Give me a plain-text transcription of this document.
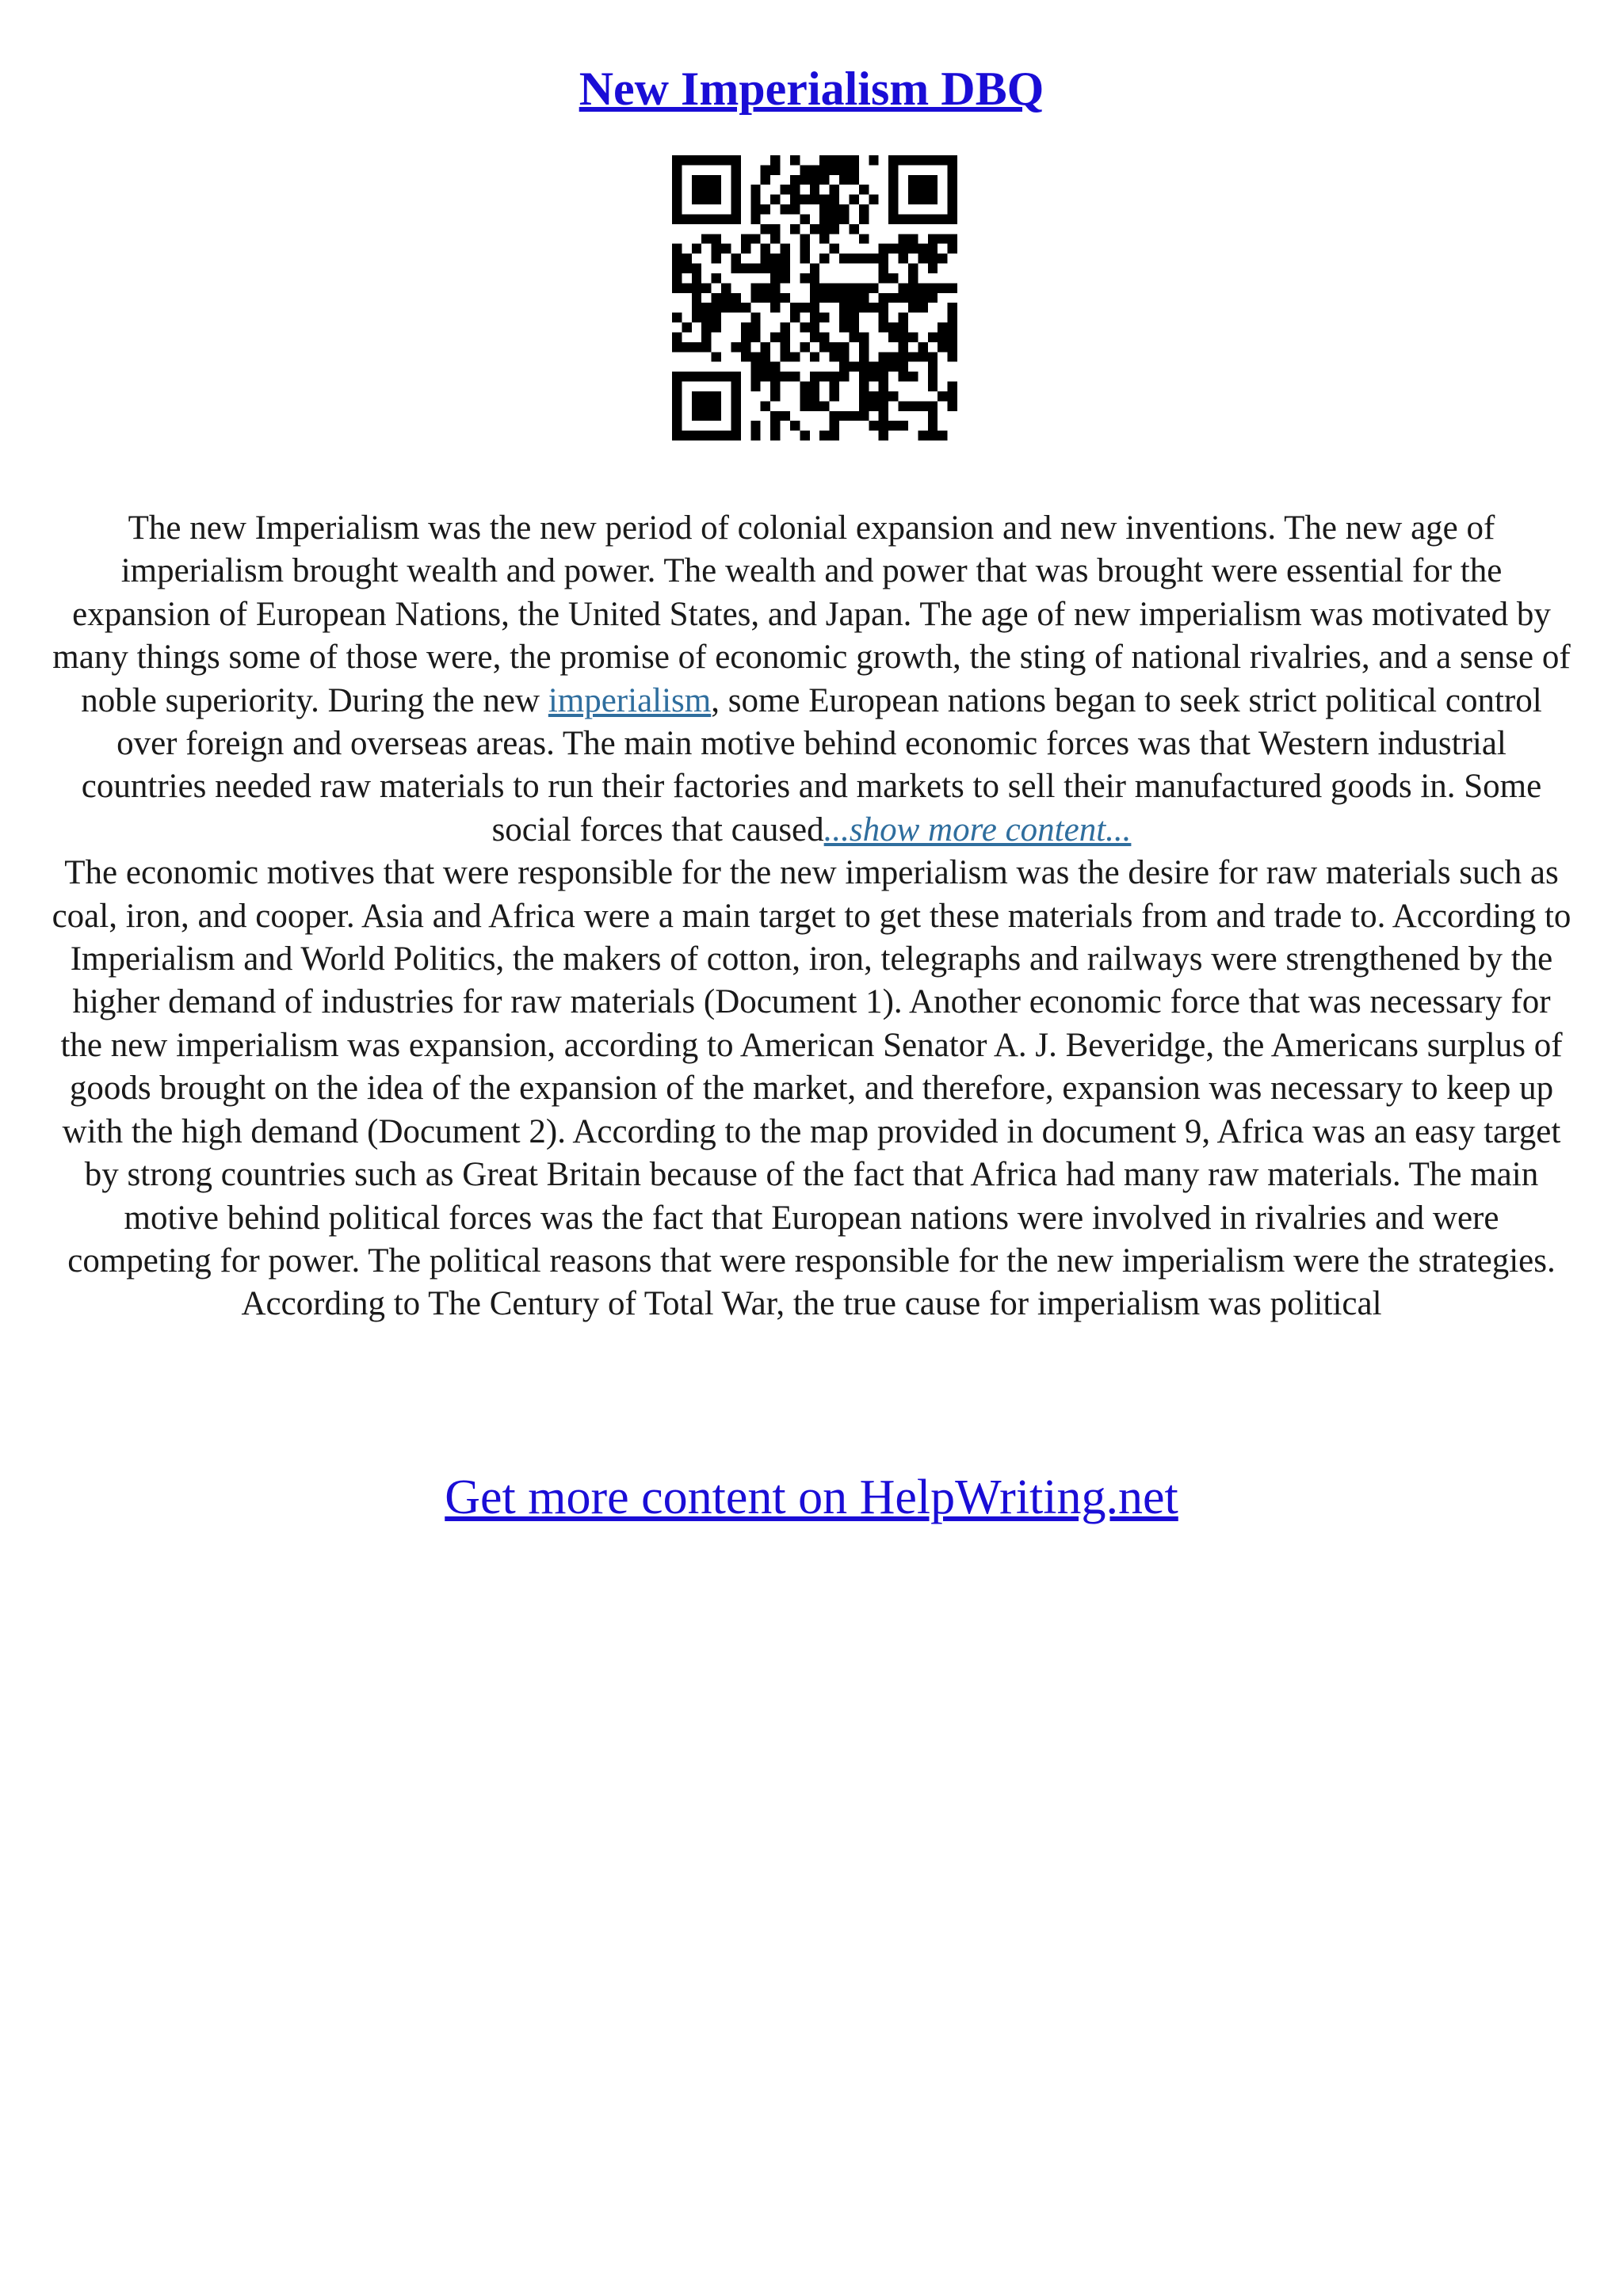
New Imperialism DBQ

The new Imperialism was the new period of colonial expansion and new inventions. The new age of imperialism brought wealth and power. The wealth and power that was brought were essential for the expansion of European Nations, the United States, and Japan. The age of new imperialism was motivated by many things some of those were, the promise of economic growth, the sting of national rivalries, and a sense of noble superiority. During the new imperialism, some European nations began to seek strict political control over foreign and overseas areas. The main motive behind economic forces was that Western industrial countries needed raw materials to run their factories and markets to sell their manufactured goods in. Some social forces that caused...show more content...
The economic motives that were responsible for the new imperialism was the desire for raw materials such as coal, iron, and cooper. Asia and Africa were a main target to get these materials from and trade to. According to Imperialism and World Politics, the makers of cotton, iron, telegraphs and railways were strengthened by the higher demand of industries for raw materials (Document 1). Another economic force that was necessary for the new imperialism was expansion, according to American Senator A. J. Beveridge, the Americans surplus of goods brought on the idea of the expansion of the market, and therefore, expansion was necessary to keep up with the high demand (Document 2). According to the map provided in document 9, Africa was an easy target by strong countries such as Great Britain because of the fact that Africa had many raw materials. The main motive behind political forces was the fact that European nations were involved in rivalries and were competing for power. The political reasons that were responsible for the new imperialism were the strategies. According to The Century of Total War, the true cause for imperialism was political

Get more content on HelpWriting.net
